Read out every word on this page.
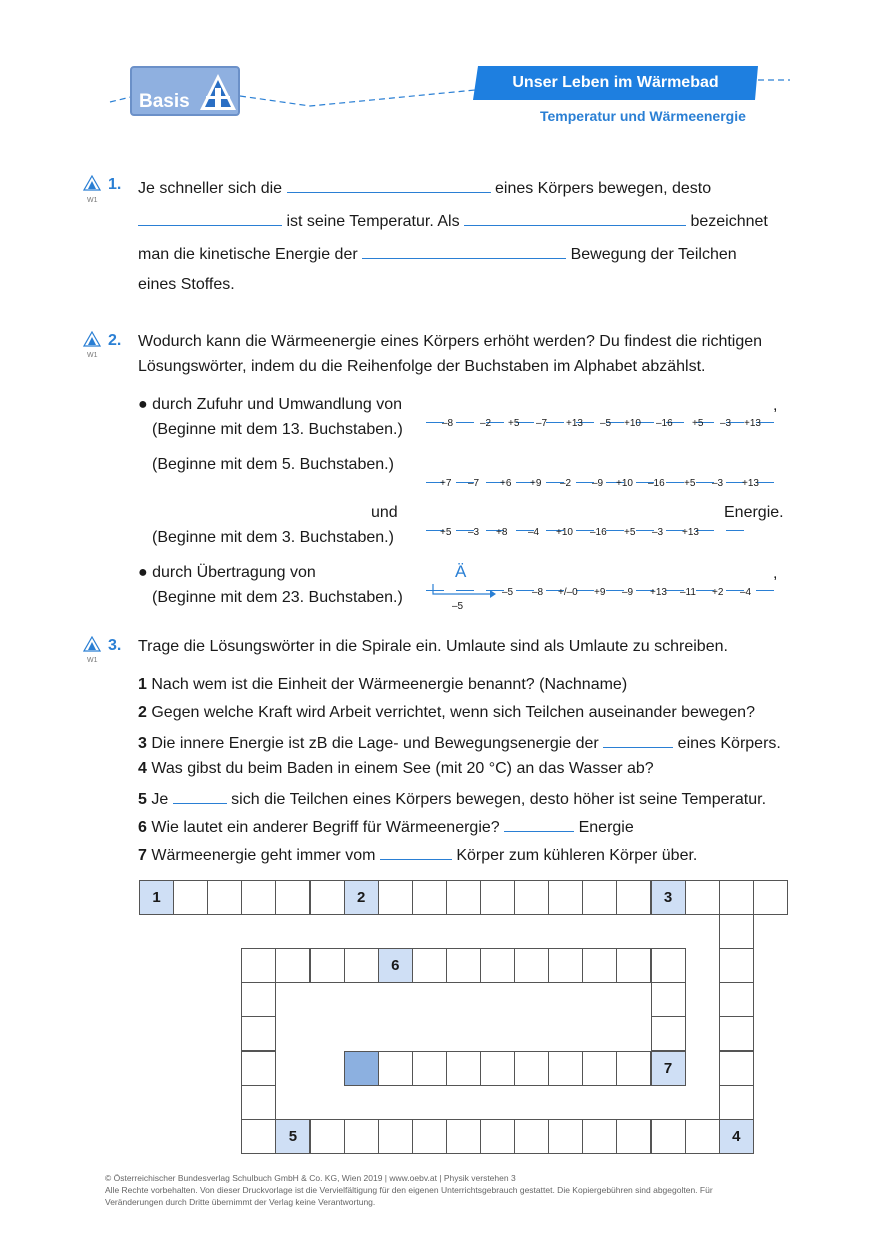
Basis
Unser Leben im Wärmebad
Temperatur und Wärmeenergie
W1
1. Je schneller sich die	eines Körpers bewegen, desto
ist seine Temperatur. Als	bezeichnet
man die kinetische Energie der	Bewegung der Teilchen
eines Stoffes.
W1
2. Wodurch kann die Wärmeenergie eines Körpers erhöht werden? Du findest die richtigen
Lösungswörter, indem du die Reihenfolge der Buchstaben im Alphabet abzählst.
● durch Zufuhr und Umwandlung von
(Beginne mit dem 13. Buchstaben.)
,
–8	–2 +5 –7 +13 –5 +10 –16 +5 –3 +13
(Beginne mit dem 5. Buchstaben.)
+7 –7 +6 +9 –2 –9 +10 –16 +5 –3 +13
und	Energie.
(Beginne mit dem 3. Buchstaben.)	+5 –3 +8 –4 +10 –16 +5 –3 +13
● durch Übertragung von
(Beginne mit dem 23. Buchstaben.)
Ä	,
–5
–5 –8 +/–0 +9 –9 +13 –11 +2 –4
W1
3. Trage die Lösungswörter in die Spirale ein. Umlaute sind als Umlaute zu schreiben.
1 Nach wem ist die Einheit der Wärmeenergie benannt? (Nachname)
2 Gegen welche Kraft wird Arbeit verrichtet, wenn sich Teilchen auseinander bewegen?
3 Die innere Energie ist zB die Lage- und Bewegungsenergie der	eines Körpers.
4 Was gibst du beim Baden in einem See (mit 20 °C) an das Wasser ab?
5 Je	sich die Teilchen eines Körpers bewegen, desto höher ist seine Temperatur.
6 Wie lautet ein anderer Begriff für Wärmeenergie?	Energie
7 Wärmeenergie geht immer vom	Körper zum kühleren Körper über.
1	2	3
4
5
6
7
© Österreichischer Bundesverlag Schulbuch GmbH & Co. KG, Wien 2019 | www.oebv.at | Physik verstehen 3
Alle Rechte vorbehalten. Von dieser Druckvorlage ist die Vervielfältigung für den eigenen Unterrichtsgebrauch gestattet. Die Kopiergebühren sind abgegolten. Für
Veränderungen durch Dritte übernimmt der Verlag keine Verantwortung.
